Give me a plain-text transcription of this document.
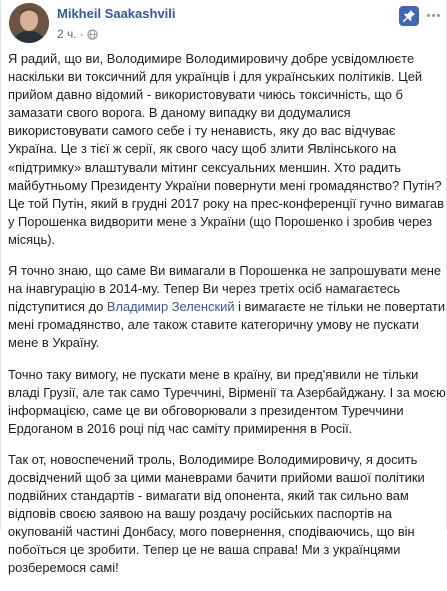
Mikheil Saakashvili
2 ч. ·

Я радий, що ви, Володимире Володимировичу добре усвідомлюєте
наскільки ви токсичний для українців і для українських політиків. Цей
прийом давно відомий - використовувати чиюсь токсичність, що б
замазати свого ворога. В даному випадку ви додумалися
використовувати самого себе і ту ненависть, яку до вас відчуває
Україна. Це з тієї ж серії, як свого часу щоб злити Явлінського на
«підтримку» влаштували мітинг сексуальних меншин. Хто радить
майбутньому Президенту України повернути мені громадянство? Путін?
Це той Путін, який в грудні 2017 року на прес-конференції гучно вимагав
у Порошенка видворити мене з України (що Порошенко і зробив через
місяць).

Я точно знаю, що саме Ви вимагали в Порошенка не запрошувати мене
на інавгурацію в 2014-му. Тепер Ви через третіх осіб намагаєтесь
підступитися до Владимир Зеленский і вимагаєте не тільки не повертати
мені громадянство, але також ставите категоричну умову не пускати
мене в Україну.

Точно таку вимогу, не пускати мене в країну, ви пред'явили не тільки
владі Грузії, але так само Туреччині, Вірменії та Азербайджану. І за моєю
інформацією, саме це ви обговорювали з президентом Туреччини
Ердоганом в 2016 році під час саміту примирення в Росії.

Так от, новоспечений троль, Володимире Володимировичу, я досить
досвідчений щоб за цими маневрами бачити прийоми вашої політики
подвійних стандартів - вимагати від опонента, який так сильно вам
відповів своєю заявою на вашу роздачу російських паспортів на
окупованій частині Донбасу, мого повернення, сподіваючись, що він
побоїться це зробити. Тепер це не ваша справа! Ми з українцями
розберемося самі!
